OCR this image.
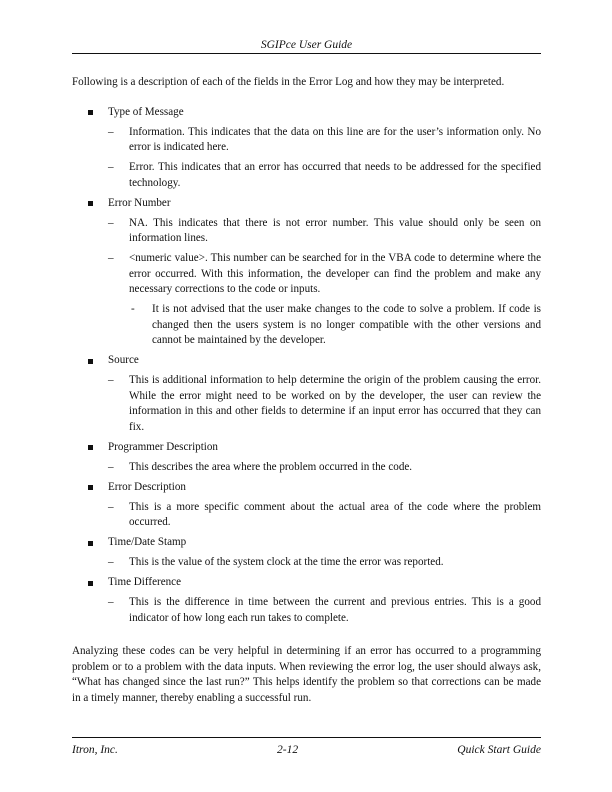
SGIPce User Guide

Following is a description of each of the fields in the Error Log and how they may be interpreted.

Type of Message
– Information. This indicates that the data on this line are for the user’s information only. No error is indicated here.
– Error. This indicates that an error has occurred that needs to be addressed for the specified technology.
Error Number
– NA. This indicates that there is not error number. This value should only be seen on information lines.
– <numeric value>. This number can be searched for in the VBA code to determine where the error occurred. With this information, the developer can find the problem and make any necessary corrections to the code or inputs.
- It is not advised that the user make changes to the code to solve a problem. If code is changed then the users system is no longer compatible with the other versions and cannot be maintained by the developer.
Source
– This is additional information to help determine the origin of the problem causing the error. While the error might need to be worked on by the developer, the user can review the information in this and other fields to determine if an input error has occurred that they can fix.
Programmer Description
– This describes the area where the problem occurred in the code.
Error Description
– This is a more specific comment about the actual area of the code where the problem occurred.
Time/Date Stamp
– This is the value of the system clock at the time the error was reported.
Time Difference
– This is the difference in time between the current and previous entries. This is a good indicator of how long each run takes to complete.

Analyzing these codes can be very helpful in determining if an error has occurred to a programming problem or to a problem with the data inputs. When reviewing the error log, the user should always ask, “What has changed since the last run?” This helps identify the problem so that corrections can be made in a timely manner, thereby enabling a successful run.

Itron, Inc.	2-12	Quick Start Guide
